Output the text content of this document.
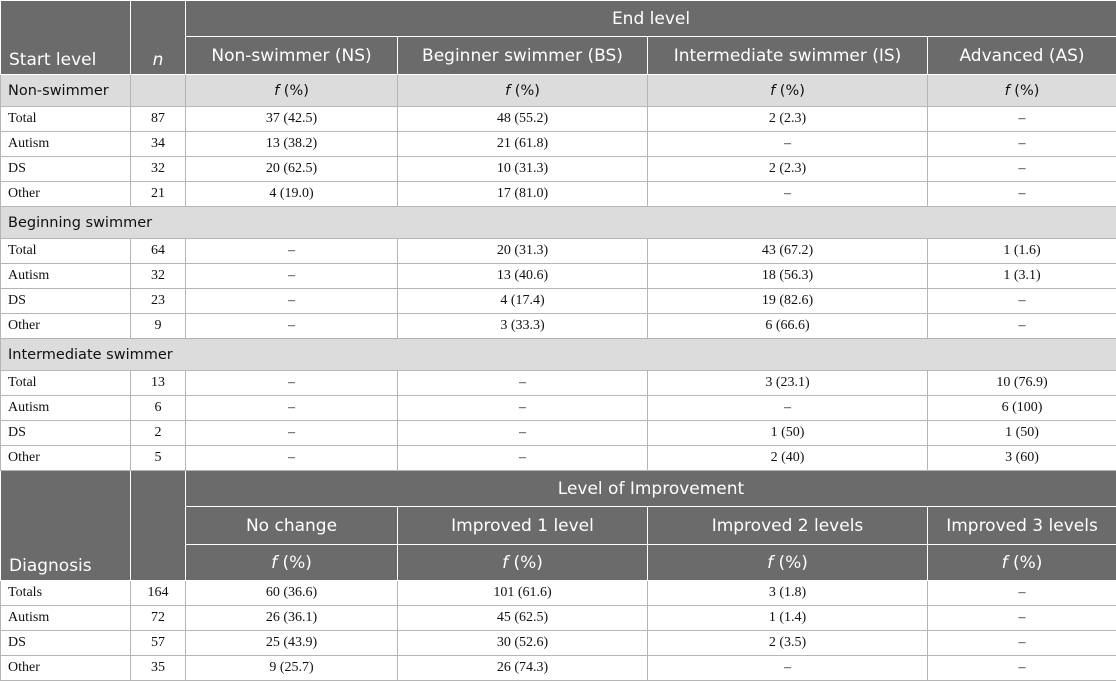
Start level	n	End level			
		Non-swimmer (NS)	Beginner swimmer (BS)	Intermediate swimmer (IS)	Advanced (AS)
Non-swimmer		f (%)	f (%)	f (%)	f (%)
Total	87	37 (42.5)	48 (55.2)	2 (2.3)	–
Autism	34	13 (38.2)	21 (61.8)	–	–
DS	32	20 (62.5)	10 (31.3)	2 (2.3)	–
Other	21	4 (19.0)	17 (81.0)	–	–
Beginning swimmer					
Total	64	–	20 (31.3)	43 (67.2)	1 (1.6)
Autism	32	–	13 (40.6)	18 (56.3)	1 (3.1)
DS	23	–	4 (17.4)	19 (82.6)	–
Other	9	–	3 (33.3)	6 (66.6)	–
Intermediate swimmer					
Total	13	–	–	3 (23.1)	10 (76.9)
Autism	6	–	–	–	6 (100)
DS	2	–	–	1 (50)	1 (50)
Other	5	–	–	2 (40)	3 (60)
Diagnosis		Level of Improvement			
		No change	Improved 1 level	Improved 2 levels	Improved 3 levels
		f (%)	f (%)	f (%)	f (%)
Totals	164	60 (36.6)	101 (61.6)	3 (1.8)	–
Autism	72	26 (36.1)	45 (62.5)	1 (1.4)	–
DS	57	25 (43.9)	30 (52.6)	2 (3.5)	–
Other	35	9 (25.7)	26 (74.3)	–	–
